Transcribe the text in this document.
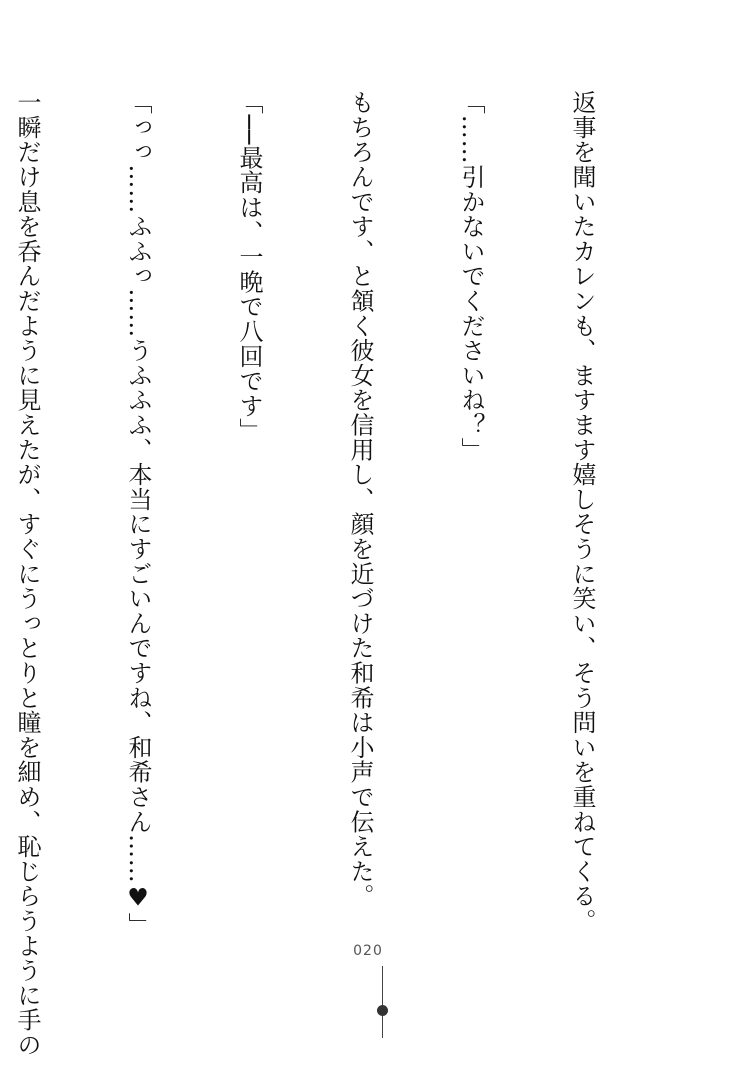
返事を聞いたカレンも、ますます嬉しそうに笑い、そう問いを重ねてくる。

「……引かないでくださいね？」

もちろんです、と頷く彼女を信用し、顔を近づけた和希は小声で伝えた。

「──最高は、一晩で八回です」

「っっ……ふふっ……うふふふ、本当にすごいんですね、和希さん……♥」

一瞬だけ息を呑んだように見えたが、すぐにうっとりと瞳を細め、恥じらうように手の

	020
